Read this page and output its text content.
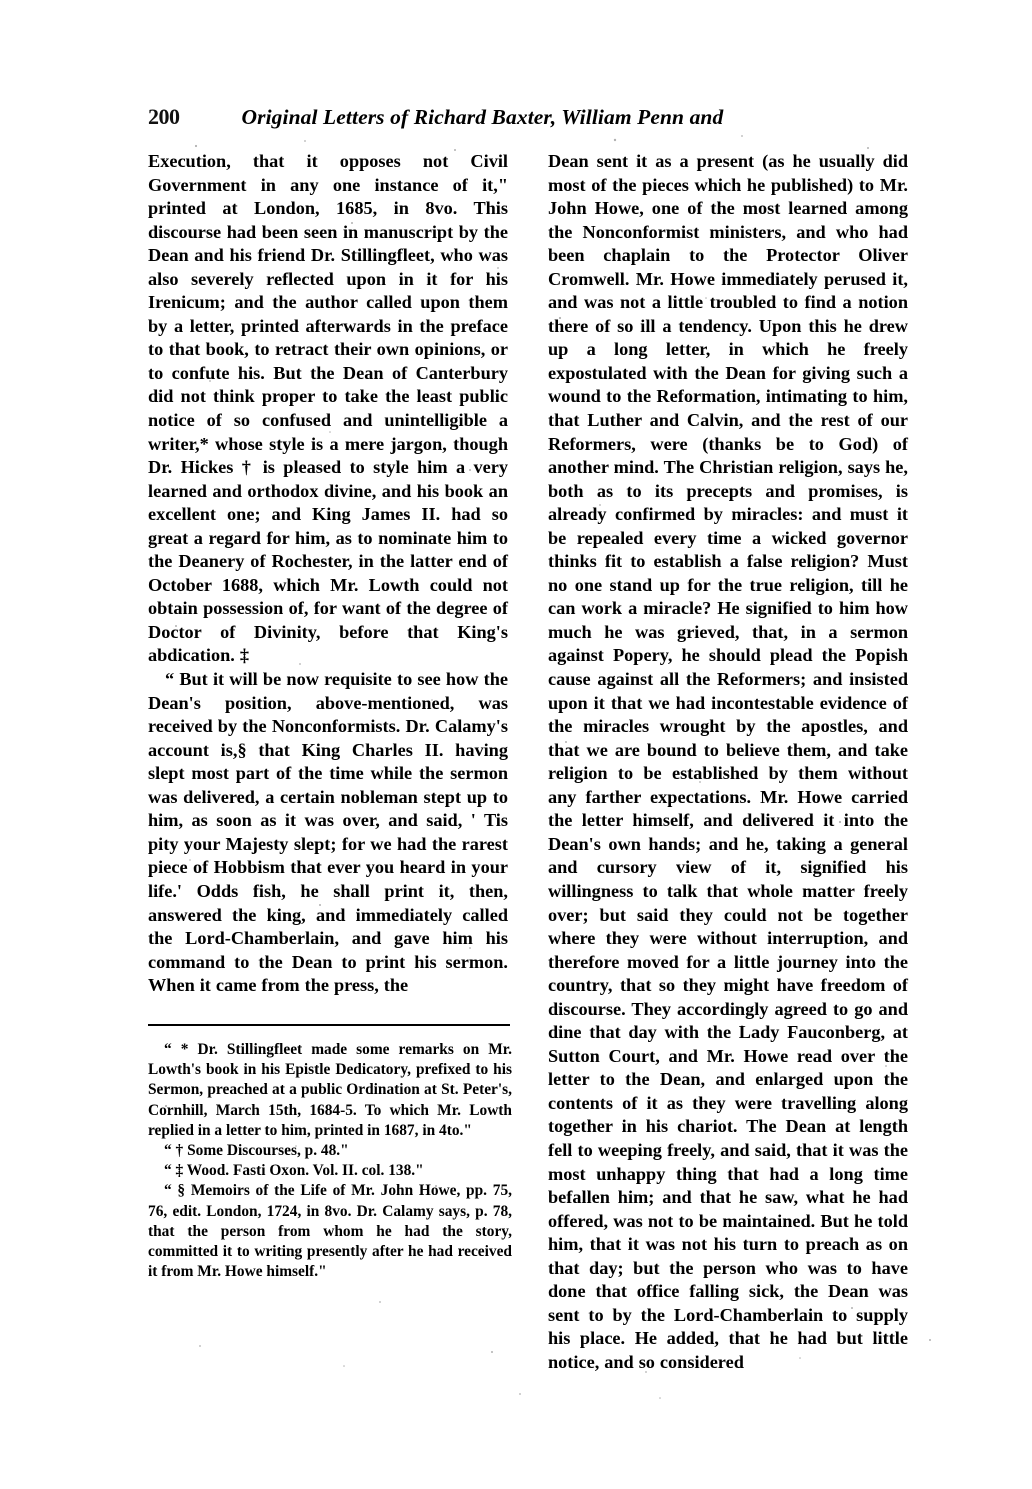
200	Original Letters of Richard Baxter, William Penn and

Execution, that it opposes not Civil Government in any one instance of it," printed at London, 1685, in 8vo. This discourse had been seen in manuscript by the Dean and his friend Dr. Stillingfleet, who was also severely reflected upon in it for his Irenicum; and the author called upon them by a letter, printed afterwards in the preface to that book, to retract their own opinions, or to confute his. But the Dean of Canterbury did not think proper to take the least public notice of so confused and unintelligible a writer,* whose style is a mere jargon, though Dr. Hickes † is pleased to style him a very learned and orthodox divine, and his book an excellent one; and King James II. had so great a regard for him, as to nominate him to the Deanery of Rochester, in the latter end of October 1688, which Mr. Lowth could not obtain possession of, for want of the degree of Doctor of Divinity, before that King's abdication. ‡

“ But it will be now requisite to see how the Dean's position, above-mentioned, was received by the Nonconformists. Dr. Calamy's account is,§ that King Charles II. having slept most part of the time while the sermon was delivered, a certain nobleman stept up to him, as soon as it was over, and said, ' Tis pity your Majesty slept; for we had the rarest piece of Hobbism that ever you heard in your life.' Odds fish, he shall print it, then, answered the king, and immediately called the Lord-Chamberlain, and gave him his command to the Dean to print his sermon. When it came from the press, the

Dean sent it as a present (as he usually did most of the pieces which he published) to Mr. John Howe, one of the most learned among the Nonconformist ministers, and who had been chaplain to the Protector Oliver Cromwell. Mr. Howe immediately perused it, and was not a little troubled to find a notion there of so ill a tendency. Upon this he drew up a long letter, in which he freely expostulated with the Dean for giving such a wound to the Reformation, intimating to him, that Luther and Calvin, and the rest of our Reformers, were (thanks be to God) of another mind. The Christian religion, says he, both as to its precepts and promises, is already confirmed by miracles: and must it be repealed every time a wicked governor thinks fit to establish a false religion? Must no one stand up for the true religion, till he can work a miracle? He signified to him how much he was grieved, that, in a sermon against Popery, he should plead the Popish cause against all the Reformers; and insisted upon it that we had incontestable evidence of the miracles wrought by the apostles, and that we are bound to believe them, and take religion to be established by them without any farther expectations. Mr. Howe carried the letter himself, and delivered it into the Dean's own hands; and he, taking a general and cursory view of it, signified his willingness to talk that whole matter freely over; but said they could not be together where they were without interruption, and therefore moved for a little journey into the country, that so they might have freedom of discourse. They accordingly agreed to go and dine that day with the Lady Fauconberg, at Sutton Court, and Mr. Howe read over the letter to the Dean, and enlarged upon the contents of it as they were travelling along together in his chariot. The Dean at length fell to weeping freely, and said, that it was the most unhappy thing that had a long time befallen him; and that he saw, what he had offered, was not to be maintained. But he told him, that it was not his turn to preach as on that day; but the person who was to have done that office falling sick, the Dean was sent to by the Lord-Chamberlain to supply his place. He added, that he had but little notice, and so considered

“ * Dr. Stillingfleet made some remarks on Mr. Lowth's book in his Epistle Dedicatory, prefixed to his Sermon, preached at a public Ordination at St. Peter's, Cornhill, March 15th, 1684-5. To which Mr. Lowth replied in a letter to him, printed in 1687, in 4to."

“ † Some Discourses, p. 48."

“ ‡ Wood. Fasti Oxon. Vol. II. col. 138."

“ § Memoirs of the Life of Mr. John Howe, pp. 75, 76, edit. London, 1724, in 8vo. Dr. Calamy says, p. 78, that the person from whom he had the story, committed it to writing presently after he had received it from Mr. Howe himself."
